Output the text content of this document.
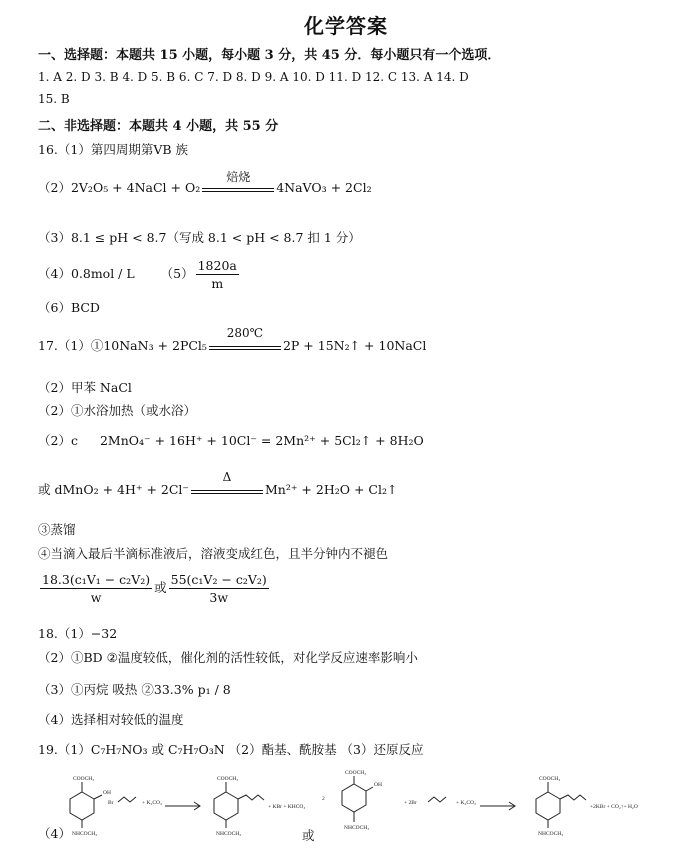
化学答案
一、选择题：本题共 15 小题，每小题 3 分，共 45 分．每小题只有一个选项．
1. A 2. D 3. B 4. D 5. B 6. C 7. D 8. D 9. A 10. D 11. D 12. C 13. A 14. D
15. B
二、非选择题：本题共 4 小题，共 55 分
16.（1）第四周期第ⅤB 族
（2）2V₂O₅ + 4NaCl + O₂
焙烧
4NaVO₃ + 2Cl₂
（3）8.1 ≤ pH < 8.7（写成 8.1 < pH < 8.7 扣 1 分）
（4）0.8mol / L $(5) \frac{1820a}{m}$
（6）BCD
17.（1）①10NaN₃ + 2PCl₅
280℃
2P + 15N₂↑ + 10NaCl
（2）甲苯 NaCl
（2）①水浴加热（或水浴）
（2）c 2MnO₄⁻ + 16H⁺ + 10Cl⁻ = 2Mn²⁺ + 5Cl₂↑ + 8H₂O
或 dMnO₂ + 4H⁺ + 2Cl⁻
Δ
Mn²⁺ + 2H₂O + Cl₂↑
③蒸馏
④当滴入最后半滴标准液后，溶液变成红色，且半分钟内不褪色
$\frac{\text{18.3(c₁V₁ − c₂V₂)}}{w}$ 或 $\frac{\text{55(c₁V₂ − c₂V₂)}}{3w}$
18.（1）−32
（2）①BD ②温度较低，催化剂的活性较低，对化学反应速率影响小
（3）①丙烷 吸热 ②33.3% p₁ / 8
（4）选择相对较低的温度
19.（1）C₇H₇NO₃ 或 C₇H₇O₃N （2）酯基、酰胺基 （3）还原反应
（4）	或
COOCH₃
OH
NHCOCH₃
Br	+ K₂CO₃
COOCH₃
NHCOCH₃
+ KBr + KHCO₃
2
COOCH₃
OH
NHCOCH₃
+ 2Br	+ K₂CO₃
COOCH₃
NHCOCH₃
+2KBr + CO₂↑+ H₂O
